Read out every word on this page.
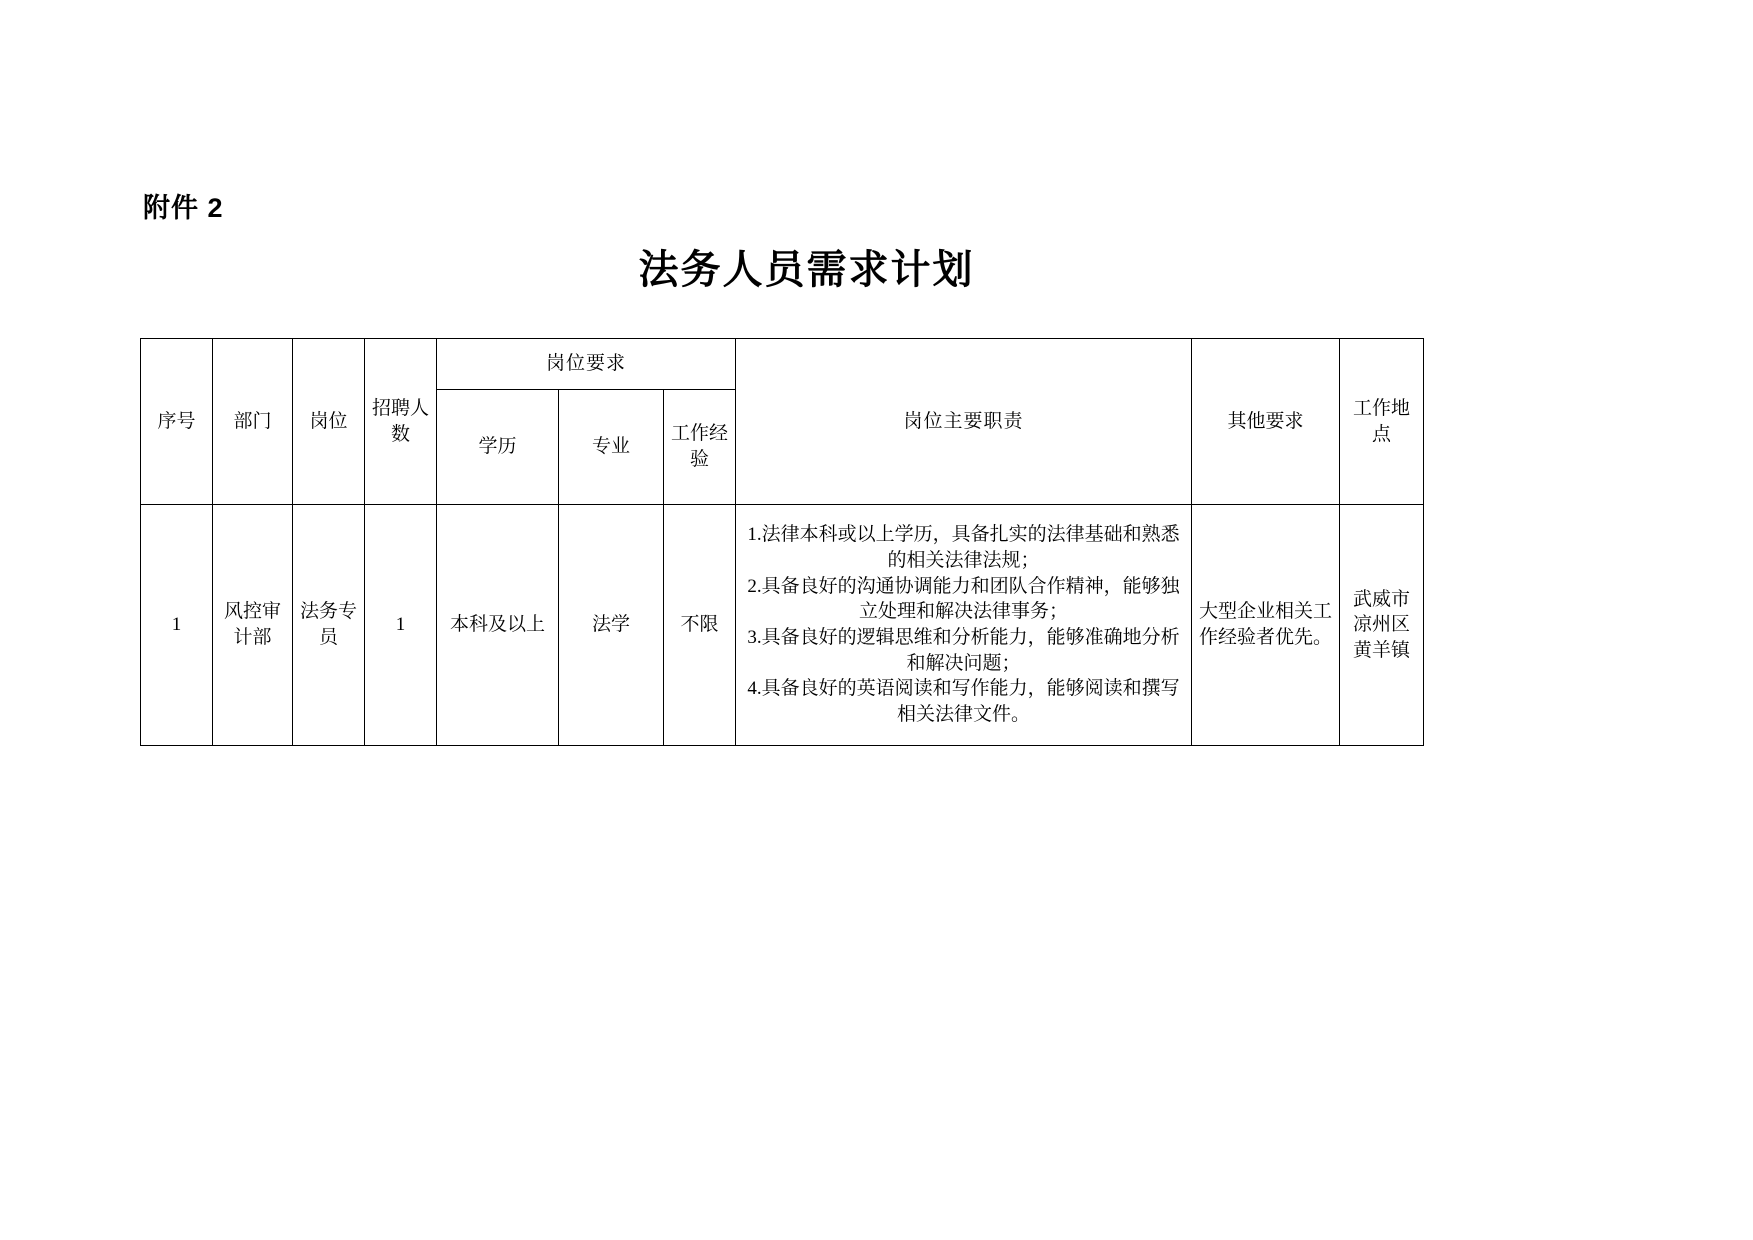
附件 2
法务人员需求计划
序号	部门	岗位	招聘人数	岗位要求			岗位主要职责	其他要求	工作地点
				学历	专业	工作经验			
1	风控审计部	法务专员	1	本科及以上	法学	不限	1.法律本科或以上学历，具备扎实的法律基础和熟悉的相关法律法规；

2.具备良好的沟通协调能力和团队合作精神，能够独立处理和解决法律事务；

3.具备良好的逻辑思维和分析能力，能够准确地分析和解决问题；

4.具备良好的英语阅读和写作能力，能够阅读和撰写相关法律文件。	大型企业相关工作经验者优先。	武威市凉州区黄羊镇
